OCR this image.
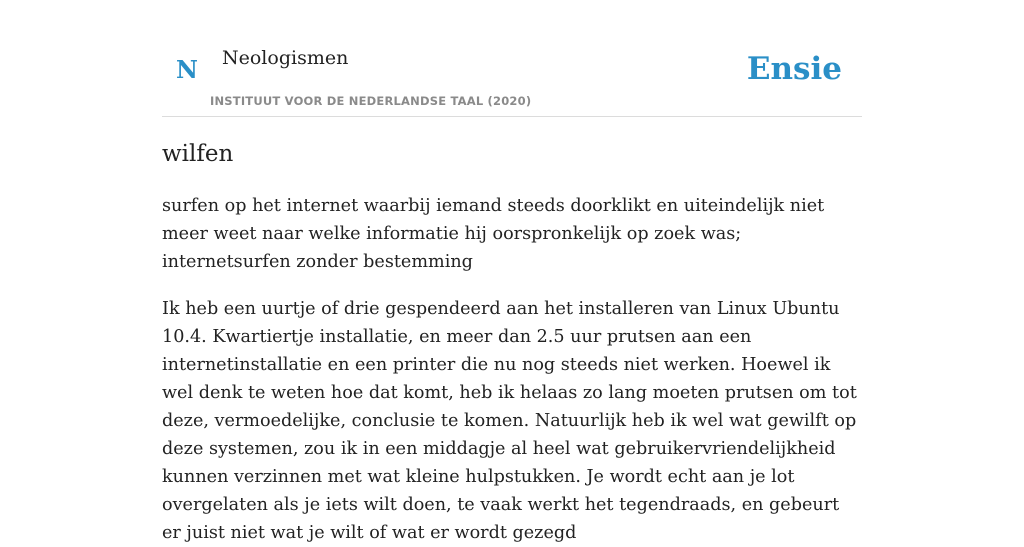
N Neologismen
INSTITUUT VOOR DE NEDERLANDSE TAAL (2020)
Ensie
wilfen

surfen op het internet waarbij iemand steeds doorklikt en uiteindelijk niet meer weet naar welke informatie hij oorspronkelijk op zoek was; internetsurfen zonder bestemming

Ik heb een uurtje of drie gespendeerd aan het installeren van Linux Ubuntu 10.4. Kwartiertje installatie, en meer dan 2.5 uur prutsen aan een internetinstallatie en een printer die nu nog steeds niet werken. Hoewel ik wel denk te weten hoe dat komt, heb ik helaas zo lang moeten prutsen om tot deze, vermoedelijke, conclusie te komen. Natuurlijk heb ik wel wat gewilft op deze systemen, zou ik in een middagje al heel wat gebruikervriendelijkheid kunnen verzinnen met wat kleine hulpstukken. Je wordt echt aan je lot overgelaten als je iets wilt doen, te vaak werkt het tegendraads, en gebeurt er juist niet wat je wilt of wat er wordt gezegd
